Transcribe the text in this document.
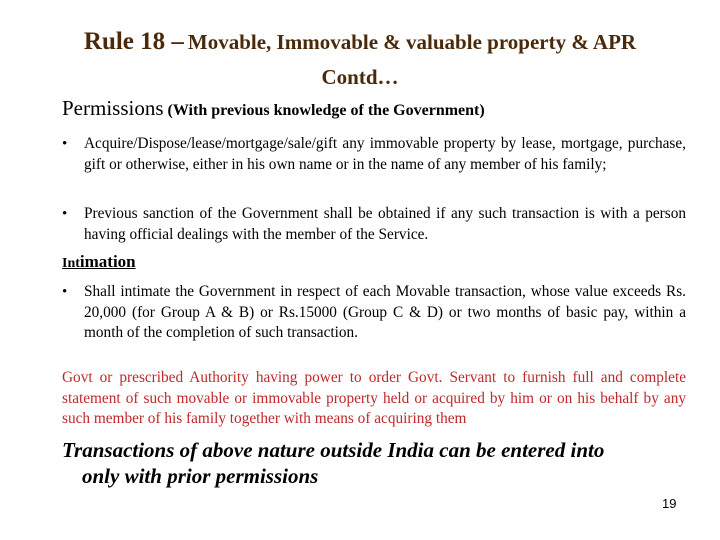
Rule 18 – Movable, Immovable & valuable property & APR
Contd…
Permissions (With previous knowledge of the Government)
• Acquire/Dispose/lease/mortgage/sale/gift any immovable property by lease, mortgage, purchase, gift or otherwise, either in his own name or in the name of any member of his family;
• Previous sanction of the Government shall be obtained if any such transaction is with a person having official dealings with the member of the Service.
Intimation
• Shall intimate the Government in respect of each Movable transaction, whose value exceeds Rs. 20,000 (for Group A & B) or Rs.15000 (Group C & D) or two months of basic pay, within a month of the completion of such transaction.
Govt or prescribed Authority having power to order Govt. Servant to furnish full and complete statement of such movable or immovable property held or acquired by him or on his behalf by any such member of his family together with means of acquiring them
Transactions of above nature outside India can be entered into
only with prior permissions
19
